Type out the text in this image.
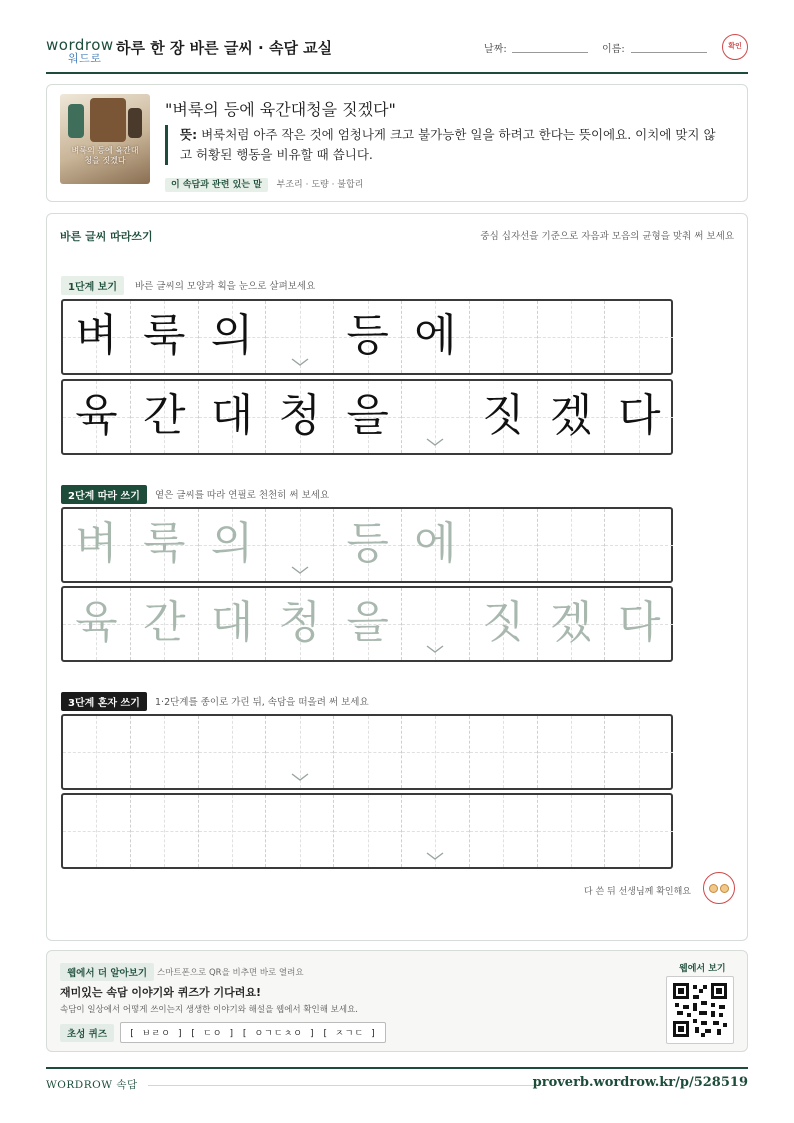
wordrow
워드로
하루 한 장 바른 글씨 · 속담 교실	날짜:	이름:	확인
벼룩의 등에 육간대청을 짓겠다
"벼룩의 등에 육간대청을 짓겠다"
뜻: 벼룩처럼 아주 작은 것에 엄청나게 크고 불가능한 일을 하려고 한다는 뜻이에요. 이치에 맞지 않고 허황된 행동을 비유할 때 씁니다.
이 속담과 관련 있는 말 부조리 · 도량 · 불합리
바른 글씨 따라쓰기	중심 십자선을 기준으로 자음과 모음의 균형을 맞춰 써 보세요
1단계 보기	바른 글씨의 모양과 획을 눈으로 살펴보세요
벼 룩 의 등 에
육 간 대 청 을 짓 겠 다
2단계 따라 쓰기	옅은 글씨를 따라 연필로 천천히 써 보세요
벼 룩 의 등 에
육 간 대 청 을 짓 겠 다
3단계 혼자 쓰기	1·2단계를 종이로 가린 뒤, 속담을 떠올려 써 보세요
다 쓴 뒤 선생님께 확인해요
웹에서 더 알아보기	스마트폰으로 QR을 비추면 바로 열려요
재미있는 속담 이야기와 퀴즈가 기다려요!
속담이 일상에서 어떻게 쓰이는지 생생한 이야기와 해설을 웹에서 확인해 보세요.
초성 퀴즈	[ ㅂㄹㅇ ] [ ㄷㅇ ] [ ㅇㄱㄷㅊㅇ ] [ ㅈㄱㄷ ]
웹에서 보기
WORDROW 속담	proverb.wordrow.kr/p/528519
